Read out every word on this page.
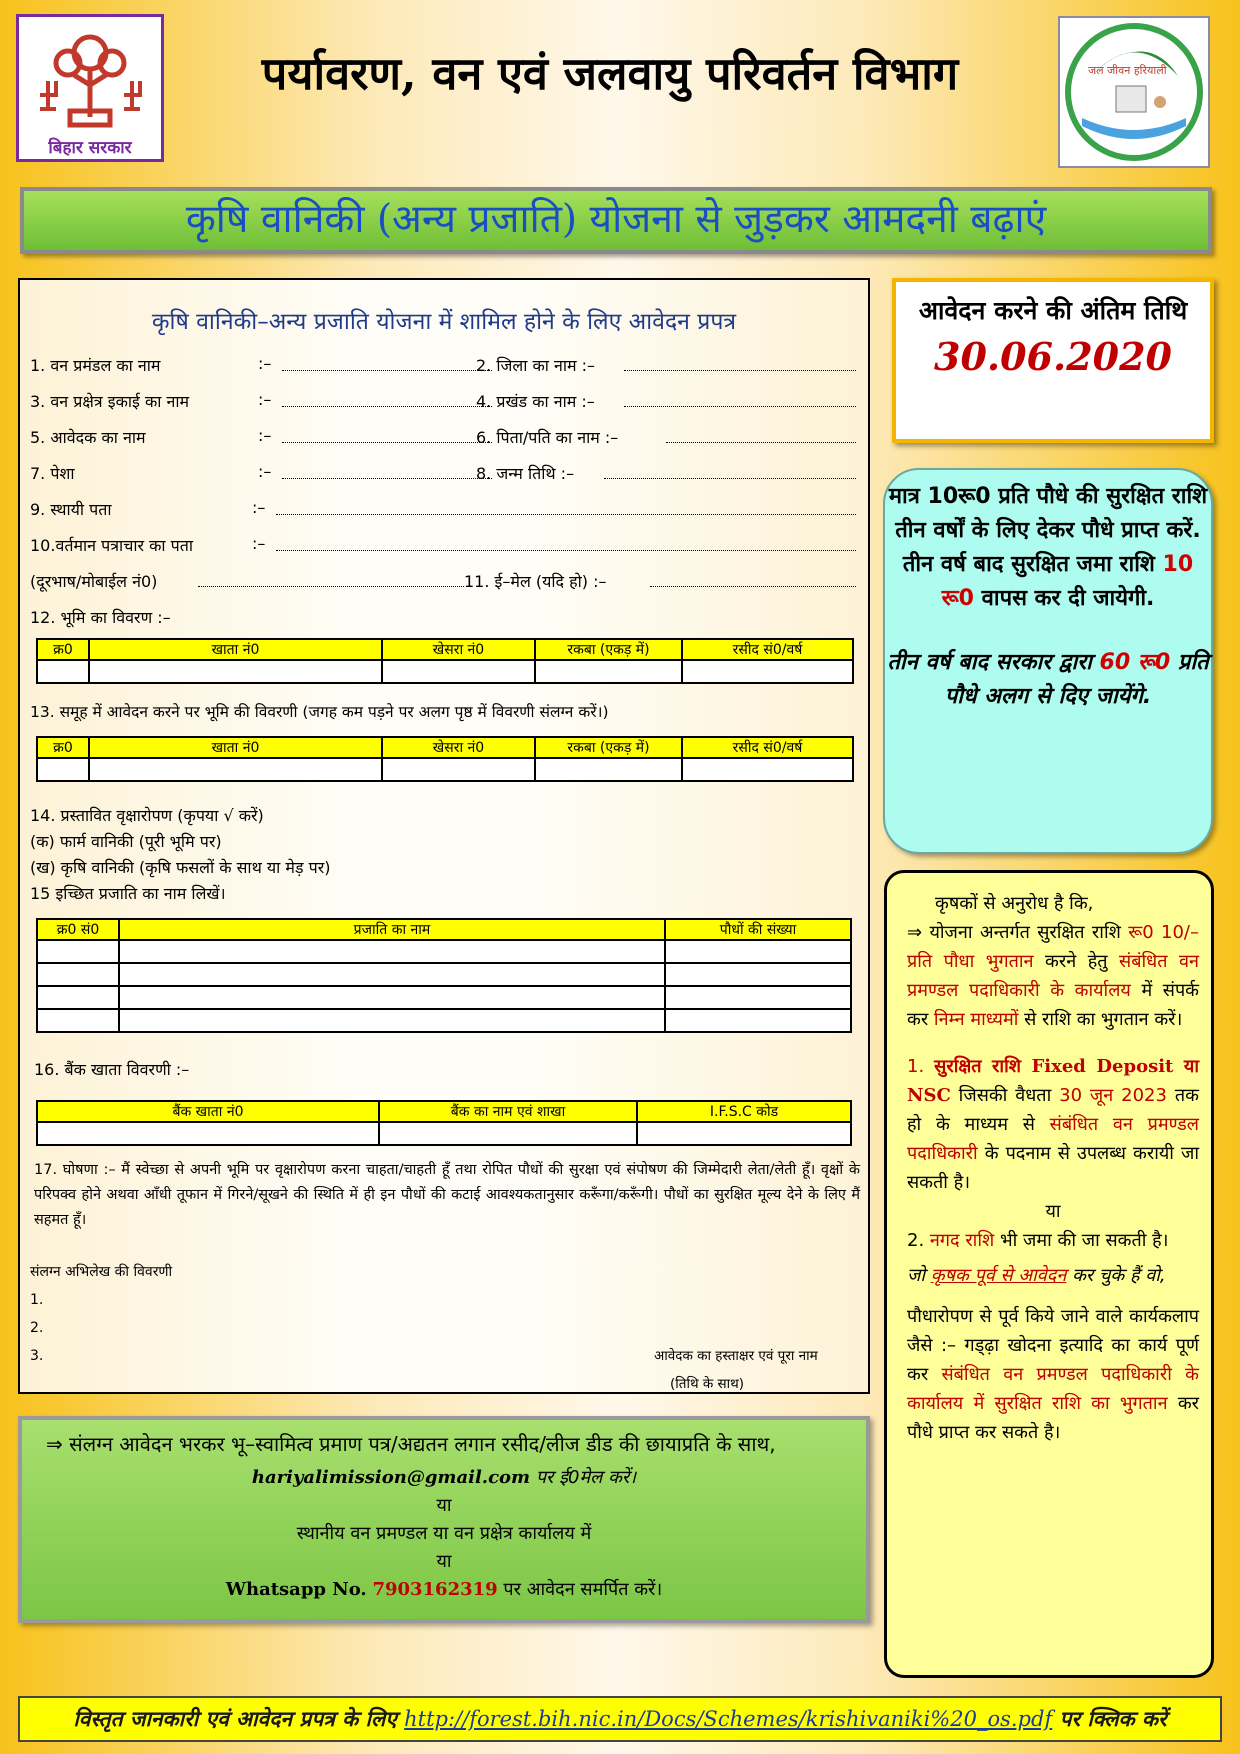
बिहार सरकार
पर्यावरण, वन एवं जलवायु परिवर्तन विभाग	जल जीवन हरियाली
कृषि वानिकी (अन्य प्रजाति) योजना से जुड़कर आमदनी बढ़ाएं
कृषि वानिकी–अन्य प्रजाति योजना में शामिल होने के लिए आवेदन प्रपत्र
1. वन प्रमंडल का नाम	:–	2. जिला का नाम :–
3. वन प्रक्षेत्र इकाई का नाम	:–	4. प्रखंड का नाम :–
5. आवेदक का नाम	:–	6. पिता/पति का नाम :–
7. पेशा	:–	8. जन्म तिथि :–
9. स्थायी पता	:–
10.वर्तमान पत्राचार का पता	:–
(दूरभाष/मोबाईल नं0)	11. ई–मेल (यदि हो) :–
12. भूमि का विवरण :–
क्र0	खाता नं0	खेसरा नं0	रकबा (एकड़ में)	रसीद सं0/वर्ष

13. समूह में आवेदन करने पर भूमि की विवरणी (जगह कम पड़ने पर अलग पृष्ठ में विवरणी संलग्न करें।)
क्र0	खाता नं0	खेसरा नं0	रकबा (एकड़ में)	रसीद सं0/वर्ष

14. प्रस्तावित वृक्षारोपण (कृपया √ करें)
(क) फार्म वानिकी (पूरी भूमि पर)
(ख) कृषि वानिकी (कृषि फसलों के साथ या मेड़ पर)
15 इच्छित प्रजाति का नाम लिखें।
क्र0 सं0	प्रजाति का नाम	पौधों की संख्या

16. बैंक खाता विवरणी :–
बैंक खाता नं0	बैंक का नाम एवं शाखा	I.F.S.C कोड

17. घोषणा :– मैं स्वेच्छा से अपनी भूमि पर वृक्षारोपण करना चाहता/चाहती हूँ तथा रोपित पौधों की सुरक्षा एवं संपोषण की जिम्मेदारी लेता/लेती हूँ। वृक्षों के परिपक्व होने अथवा आँधी तूफान में गिरने/सूखने की स्थिति में ही इन पौधों की कटाई आवश्यकतानुसार करूँगा/करूँगी। पौधों का सुरक्षित मूल्य देने के लिए मैं सहमत हूँ।
संलग्न अभिलेख की विवरणी
1.
2.
3.	आवेदक का हस्ताक्षर एवं पूरा नाम
(तिथि के साथ)
आवेदन करने की अंतिम तिथि
30.06.2020
मात्र 10रू0 प्रति पौधे की सुरक्षित राशि तीन वर्षों के लिए देकर पौधे प्राप्त करें. तीन वर्ष बाद सुरक्षित जमा राशि 10 रू0 वापस कर दी जायेगी.
तीन वर्ष बाद सरकार द्वारा 60 रू0 प्रति पौधे अलग से दिए जायेंगे.

कृषकों से अनुरोध है कि,

⇒ योजना अन्तर्गत सुरक्षित राशि रू0 10/– प्रति पौधा भुगतान करने हेतु संबंधित वन प्रमण्डल पदाधिकारी के कार्यालय में संपर्क कर निम्न माध्यमों से राशि का भुगतान करें।

1. सुरक्षित राशि Fixed Deposit या NSC जिसकी वैधता 30 जून 2023 तक हो के माध्यम से संबंधित वन प्रमण्डल पदाधिकारी के पदनाम से उपलब्ध करायी जा सकती है।

या

2. नगद राशि भी जमा की जा सकती है।

जो कृषक पूर्व से आवेदन कर चुके हैं वो,

पौधारोपण से पूर्व किये जाने वाले कार्यकलाप जैसे :– गड्ढ़ा खोदना इत्यादि का कार्य पूर्ण कर संबंधित वन प्रमण्डल पदाधिकारी के कार्यालय में सुरक्षित राशि का भुगतान कर पौधे प्राप्त कर सकते है।

⇒ संलग्न आवेदन भरकर भू–स्वामित्व प्रमाण पत्र/अद्यतन लगान रसीद/लीज डीड की छायाप्रति के साथ,
hariyalimission@gmail.com पर ई0मेल करें।
या
स्थानीय वन प्रमण्डल या वन प्रक्षेत्र कार्यालय में
या
Whatsapp No. 7903162319 पर आवेदन समर्पित करें।
विस्तृत जानकारी एवं आवेदन प्रपत्र के लिए http://forest.bih.nic.in/Docs/Schemes/krishivaniki%20_os.pdf पर क्लिक करें
